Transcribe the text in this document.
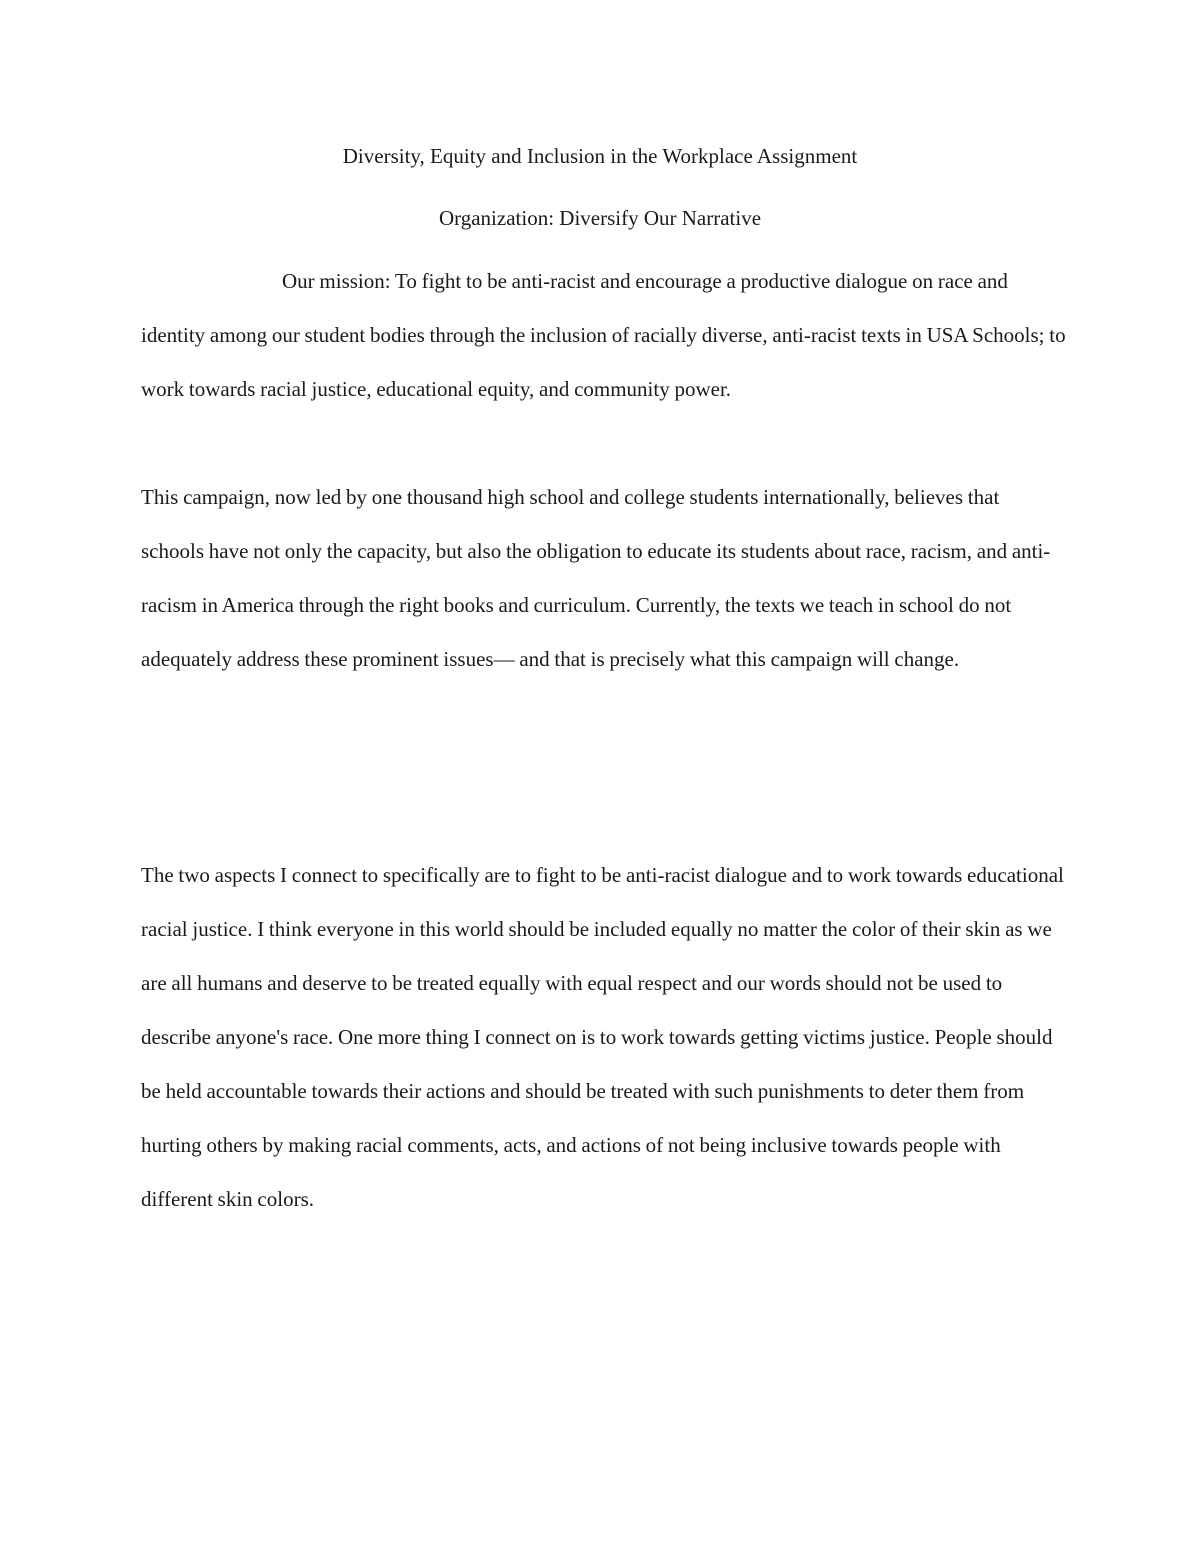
Diversity, Equity and Inclusion in the Workplace Assignment
Organization: Diversify Our Narrative

Our mission: To fight to be anti-racist and encourage a productive dialogue on race and identity among our student bodies through the inclusion of racially diverse, anti-racist texts in USA Schools; to work towards racial justice, educational equity, and community power.

This campaign, now led by one thousand high school and college students internationally, believes that schools have not only the capacity, but also the obligation to educate its students about race, racism, and anti-racism in America through the right books and curriculum. Currently, the texts we teach in school do not adequately address these prominent issues— and that is precisely what this campaign will change.

The two aspects I connect to specifically are to fight to be anti-racist dialogue and to work towards educational racial justice. I think everyone in this world should be included equally no matter the color of their skin as we are all humans and deserve to be treated equally with equal respect and our words should not be used to describe anyone's race. One more thing I connect on is to work towards getting victims justice. People should be held accountable towards their actions and should be treated with such punishments to deter them from hurting others by making racial comments, acts, and actions of not being inclusive towards people with different skin colors.
